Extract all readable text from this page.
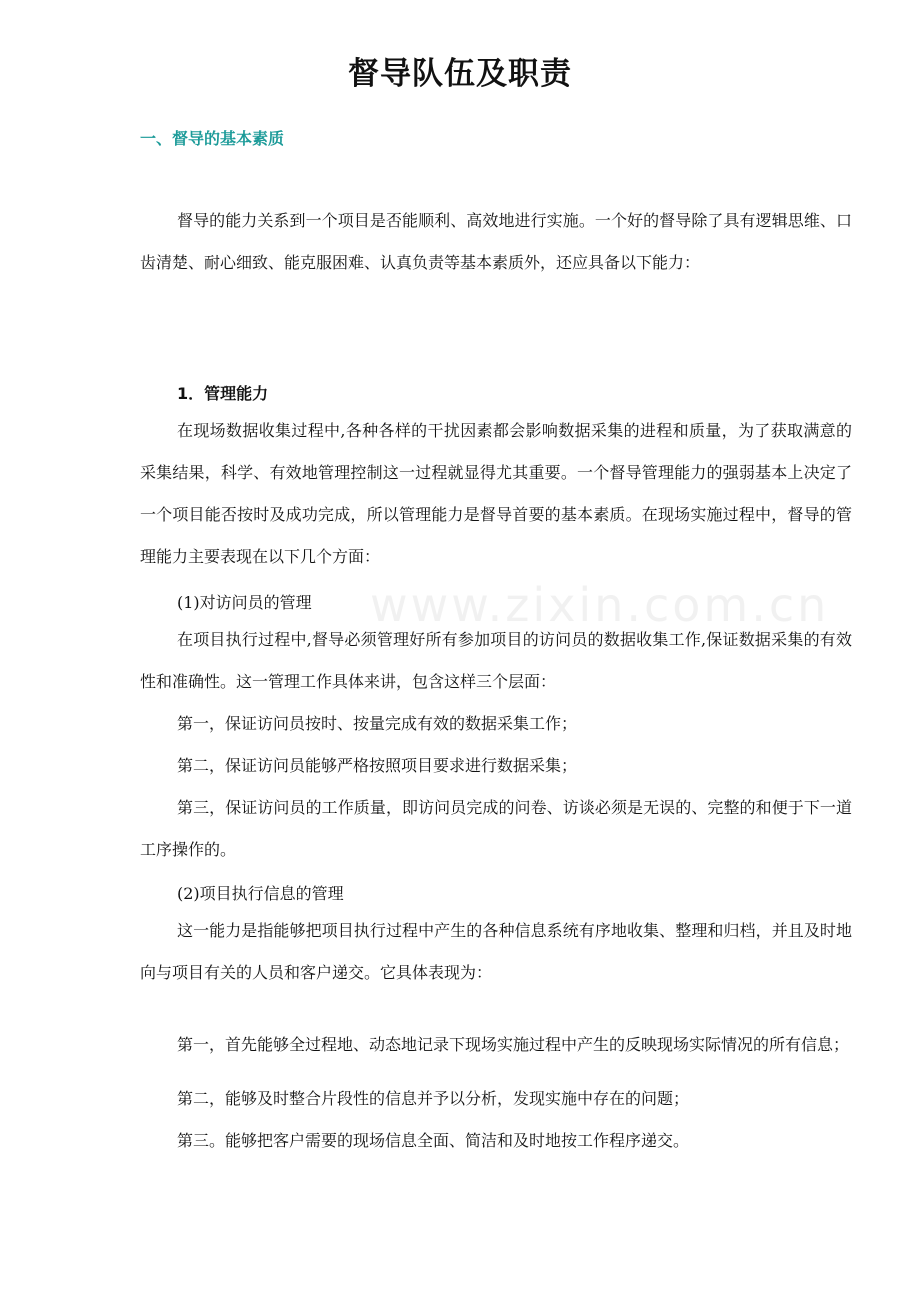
www.zixin.com.cn
督导队伍及职责
一、督导的基本素质

督导的能力关系到一个项目是否能顺利、高效地进行实施。一个好的督导除了具有逻辑思维、口齿清楚、耐心细致、能克服困难、认真负责等基本素质外，还应具备以下能力：

1．管理能力

在现场数据收集过程中,各种各样的干扰因素都会影响数据采集的进程和质量，为了获取满意的采集结果，科学、有效地管理控制这一过程就显得尤其重要。一个督导管理能力的强弱基本上决定了一个项目能否按时及成功完成，所以管理能力是督导首要的基本素质。在现场实施过程中，督导的管理能力主要表现在以下几个方面：

(1)对访问员的管理

在项目执行过程中,督导必须管理好所有参加项目的访问员的数据收集工作,保证数据采集的有效性和准确性。这一管理工作具体来讲，包含这样三个层面：

第一，保证访问员按时、按量完成有效的数据采集工作；

第二，保证访问员能够严格按照项目要求进行数据采集；

第三，保证访问员的工作质量，即访问员完成的问卷、访谈必须是无误的、完整的和便于下一道工序操作的。

(2)项目执行信息的管理

这一能力是指能够把项目执行过程中产生的各种信息系统有序地收集、整理和归档，并且及时地向与项目有关的人员和客户递交。它具体表现为：

第一，首先能够全过程地、动态地记录下现场实施过程中产生的反映现场实际情况的所有信息；

第二，能够及时整合片段性的信息并予以分析，发现实施中存在的问题；

第三。能够把客户需要的现场信息全面、简洁和及时地按工作程序递交。
